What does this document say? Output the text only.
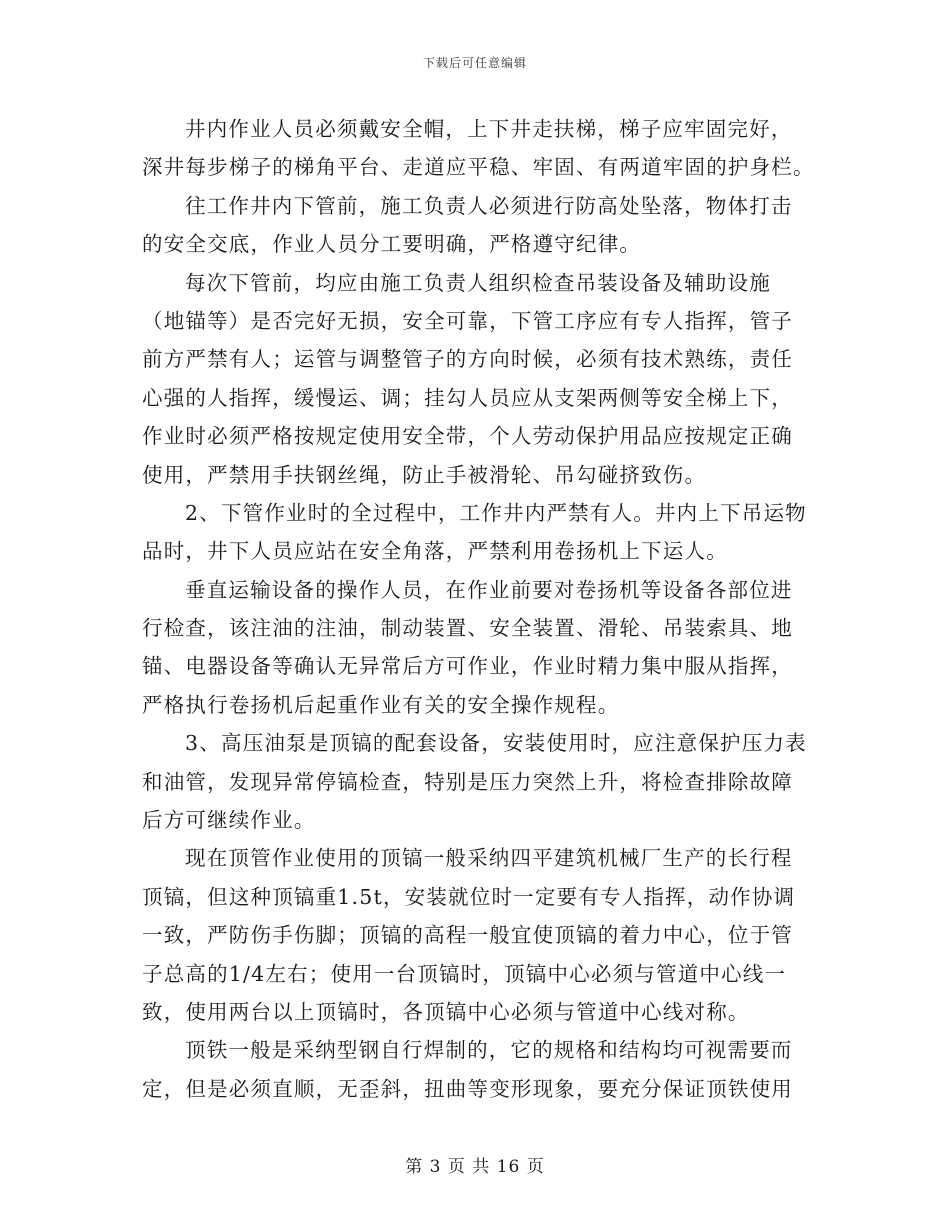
下载后可任意编辑
井内作业人员必须戴安全帽，上下井走扶梯，梯子应牢固完好，
深井每步梯子的梯角平台、走道应平稳、牢固、有两道牢固的护身栏。
往工作井内下管前，施工负责人必须进行防高处坠落，物体打击
的安全交底，作业人员分工要明确，严格遵守纪律。
每次下管前，均应由施工负责人组织检查吊装设备及辅助设施
（地锚等）是否完好无损，安全可靠，下管工序应有专人指挥，管子
前方严禁有人；运管与调整管子的方向时候，必须有技术熟练，责任
心强的人指挥，缓慢运、调；挂勾人员应从支架两侧等安全梯上下，
作业时必须严格按规定使用安全带，个人劳动保护用品应按规定正确
使用，严禁用手扶钢丝绳，防止手被滑轮、吊勾碰挤致伤。
2、下管作业时的全过程中，工作井内严禁有人。井内上下吊运物
品时，井下人员应站在安全角落，严禁利用卷扬机上下运人。
垂直运输设备的操作人员，在作业前要对卷扬机等设备各部位进
行检查，该注油的注油，制动装置、安全装置、滑轮、吊装索具、地
锚、电器设备等确认无异常后方可作业，作业时精力集中服从指挥，
严格执行卷扬机后起重作业有关的安全操作规程。
3、高压油泵是顶镐的配套设备，安装使用时，应注意保护压力表
和油管，发现异常停镐检查，特别是压力突然上升，将检查排除故障
后方可继续作业。
现在顶管作业使用的顶镐一般采纳四平建筑机械厂生产的长行程
顶镐，但这种顶镐重1.5t，安装就位时一定要有专人指挥，动作协调
一致，严防伤手伤脚；顶镐的高程一般宜使顶镐的着力中心，位于管
子总高的1/4左右；使用一台顶镐时，顶镐中心必须与管道中心线一
致，使用两台以上顶镐时，各顶镐中心必须与管道中心线对称。
顶铁一般是采纳型钢自行焊制的，它的规格和结构均可视需要而
定，但是必须直顺，无歪斜，扭曲等变形现象，要充分保证顶铁使用
第 3 页 共 16 页
